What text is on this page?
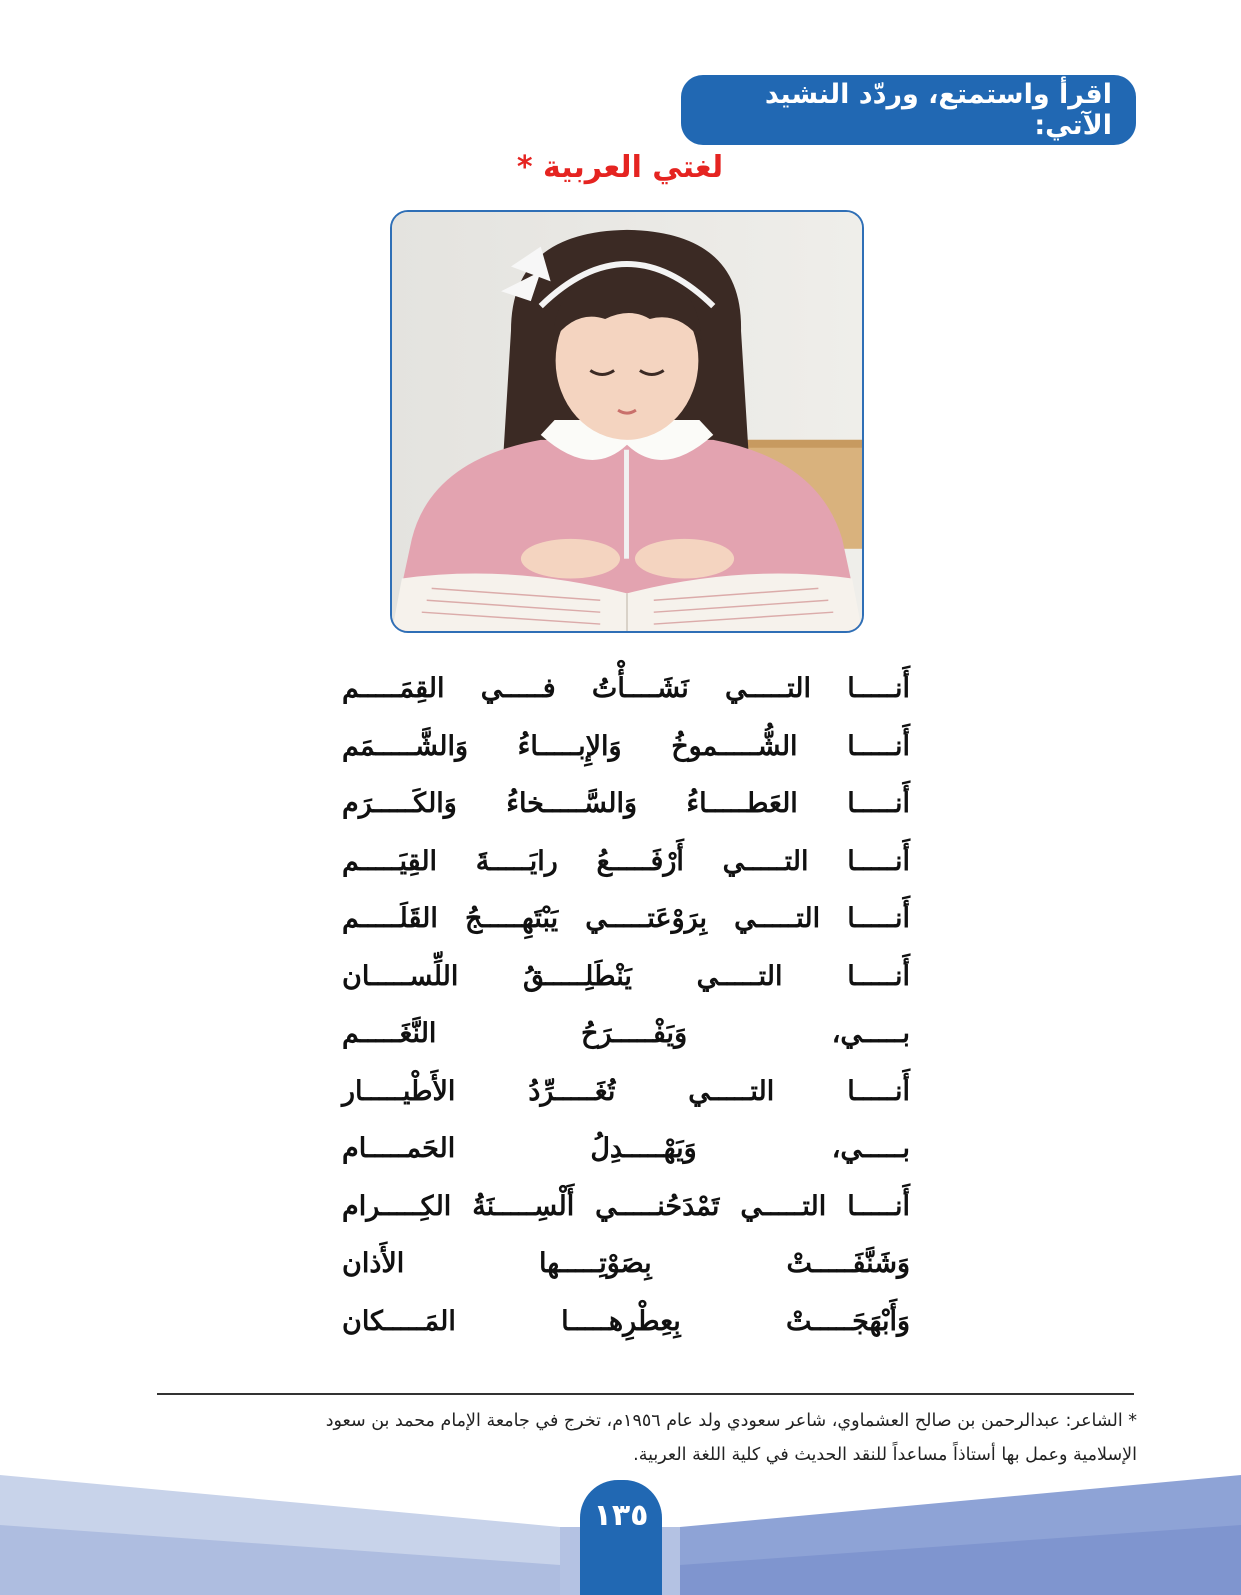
اقرأ واستمتع، وردّد النشيد الآتي:
لغتي العربية *
أَنـــــا التـــــي نَشَــــأْتُ فـــــي القِمَـــــم
أَنـــــا الشُّـــــموخُ وَالإِبـــــاءُ وَالشَّـــــمَم
أَنـــــا العَطـــــاءُ وَالسَّـــــخاءُ وَالكَـــــرَم
أَنـــــا التـــــي أَرْفَـــــعُ رايَـــــةَ القِيَـــــم
أَنـــــا التـــــي بِرَوْعَتـــــي يَبْتَهِـــــجُ القَلَـــــم
أَنـــــا التـــــي يَنْطَلِـــــقُ اللِّســـــان
بـــــي، وَيَفْـــــرَحُ النَّغَـــــم
أَنـــــا التـــــي تُغَـــــرِّدُ الأَطْيـــــار
بـــــي، وَيَهْـــــدِلُ الحَمـــــام
أَنـــــا التـــــي تَمْدَحُنـــــي أَلْسِـــــنَةُ الكِـــــرام
وَشَنَّفَـــــتْ بِصَوْتِـــــها الأَذان
وَأَبْهَجَـــــتْ بِعِطْرِهـــــا المَـــــكان
* الشاعر: عبدالرحمن بن صالح العشماوي، شاعر سعودي ولد عام ١٩٥٦م، تخرج في جامعة الإمام محمد بن سعود
الإسلامية وعمل بها أستاذاً مساعداً للنقد الحديث في كلية اللغة العربية.
١٣٥
